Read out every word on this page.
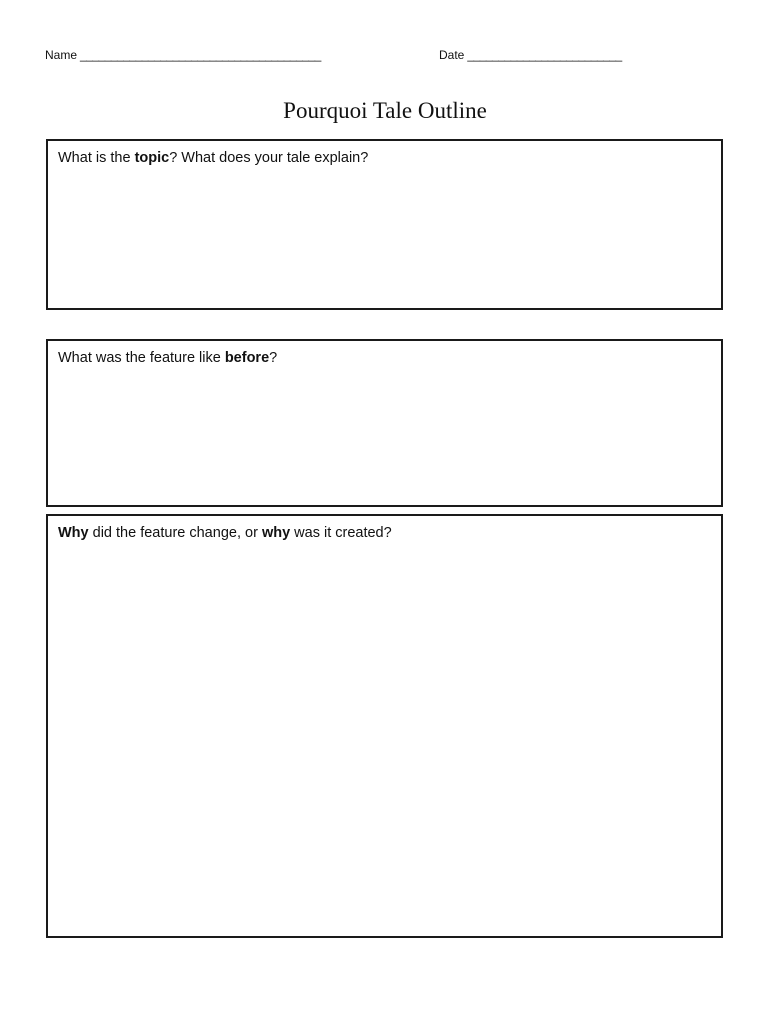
Name _______________________________________	Date _________________________
Pourquoi Tale Outline
What is the topic? What does your tale explain?
What was the feature like before?
Why did the feature change, or why was it created?
